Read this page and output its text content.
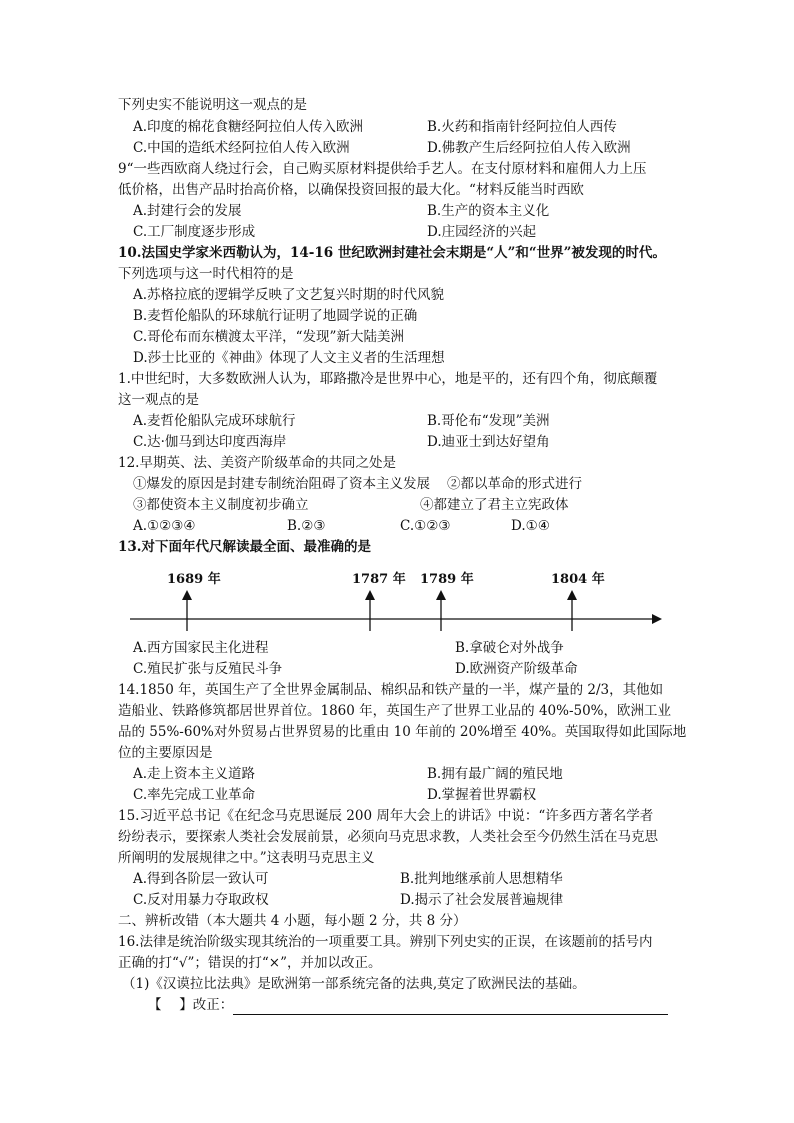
下列史实不能说明这一观点的是
A.印度的棉花食糖经阿拉伯人传入欧洲	B.火药和指南针经阿拉伯人西传
C.中国的造纸术经阿拉伯人传入欧洲	D.佛教产生后经阿拉伯人传入欧洲
9“一些西欧商人绕过行会，自己购买原材料提供给手艺人。在支付原材料和雇佣人力上压
低价格，出售产品时抬高价格，以确保投资回报的最大化。“材料反能当时西欧
A.封建行会的发展	B.生产的资本主义化
C.工厂制度逐步形成	D.庄园经济的兴起
10.法国史学家米西勒认为，14-16 世纪欧洲封建社会末期是“人”和“世界”被发现的时代。
下列选项与这一时代相符的是
A.苏格拉底的逻辑学反映了文艺复兴时期的时代风貌
B.麦哲伦船队的环球航行证明了地圆学说的正确
C.哥伦布而东横渡太平洋，“发现”新大陆美洲
D.莎士比亚的《神曲》体现了人文主义者的生活理想
1.中世纪时，大多数欧洲人认为，耶路撒冷是世界中心，地是平的，还有四个角，彻底颠覆
这一观点的是
A.麦哲伦船队完成环球航行	B.哥伦布“发现”美洲
C.达·伽马到达印度西海岸	D.迪亚士到达好望角
12.早期英、法、美资产阶级革命的共同之处是
①爆发的原因是封建专制统治阻碍了资本主义发展 ②都以革命的形式进行
③都使资本主义制度初步确立	④都建立了君主立宪政体
A.①②③④	B.②③	C.①②③	D.①④
13.对下面年代尺解读最全面、最准确的是
1689 年	1787 年 1789 年	1804 年
A.西方国家民主化进程	B.拿破仑对外战争
C.殖民扩张与反殖民斗争	D.欧洲资产阶级革命
14.1850 年，英国生产了全世界金属制品、棉织品和铁产量的一半，煤产量的 2/3，其他如
造船业、铁路修筑都居世界首位。1860 年，英国生产了世界工业品的 40%-50%，欧洲工业
品的 55%-60%对外贸易占世界贸易的比重由 10 年前的 20%增至 40%。英国取得如此国际地
位的主要原因是
A.走上资本主义道路	B.拥有最广阔的殖民地
C.率先完成工业革命	D.掌握着世界霸权
15.习近平总书记《在纪念马克思诞辰 200 周年大会上的讲话》中说：“许多西方著名学者
纷纷表示，要探索人类社会发展前景，必须向马克思求教，人类社会至今仍然生活在马克思
所阐明的发展规律之中。”这表明马克思主义
A.得到各阶层一致认可	B.批判地继承前人思想精华
C.反对用暴力夺取政权	D.揭示了社会发展普遍规律
二、辨析改错（本大题共 4 小题，每小题 2 分，共 8 分）
16.法律是统治阶级实现其统治的一项重要工具。辨别下列史实的正误，在该题前的括号内
正确的打“√”；错误的打“×”，并加以改正。
（1)《汉谟拉比法典》是欧洲第一部系统完备的法典,莫定了欧洲民法的基础。
【　 】改正：
